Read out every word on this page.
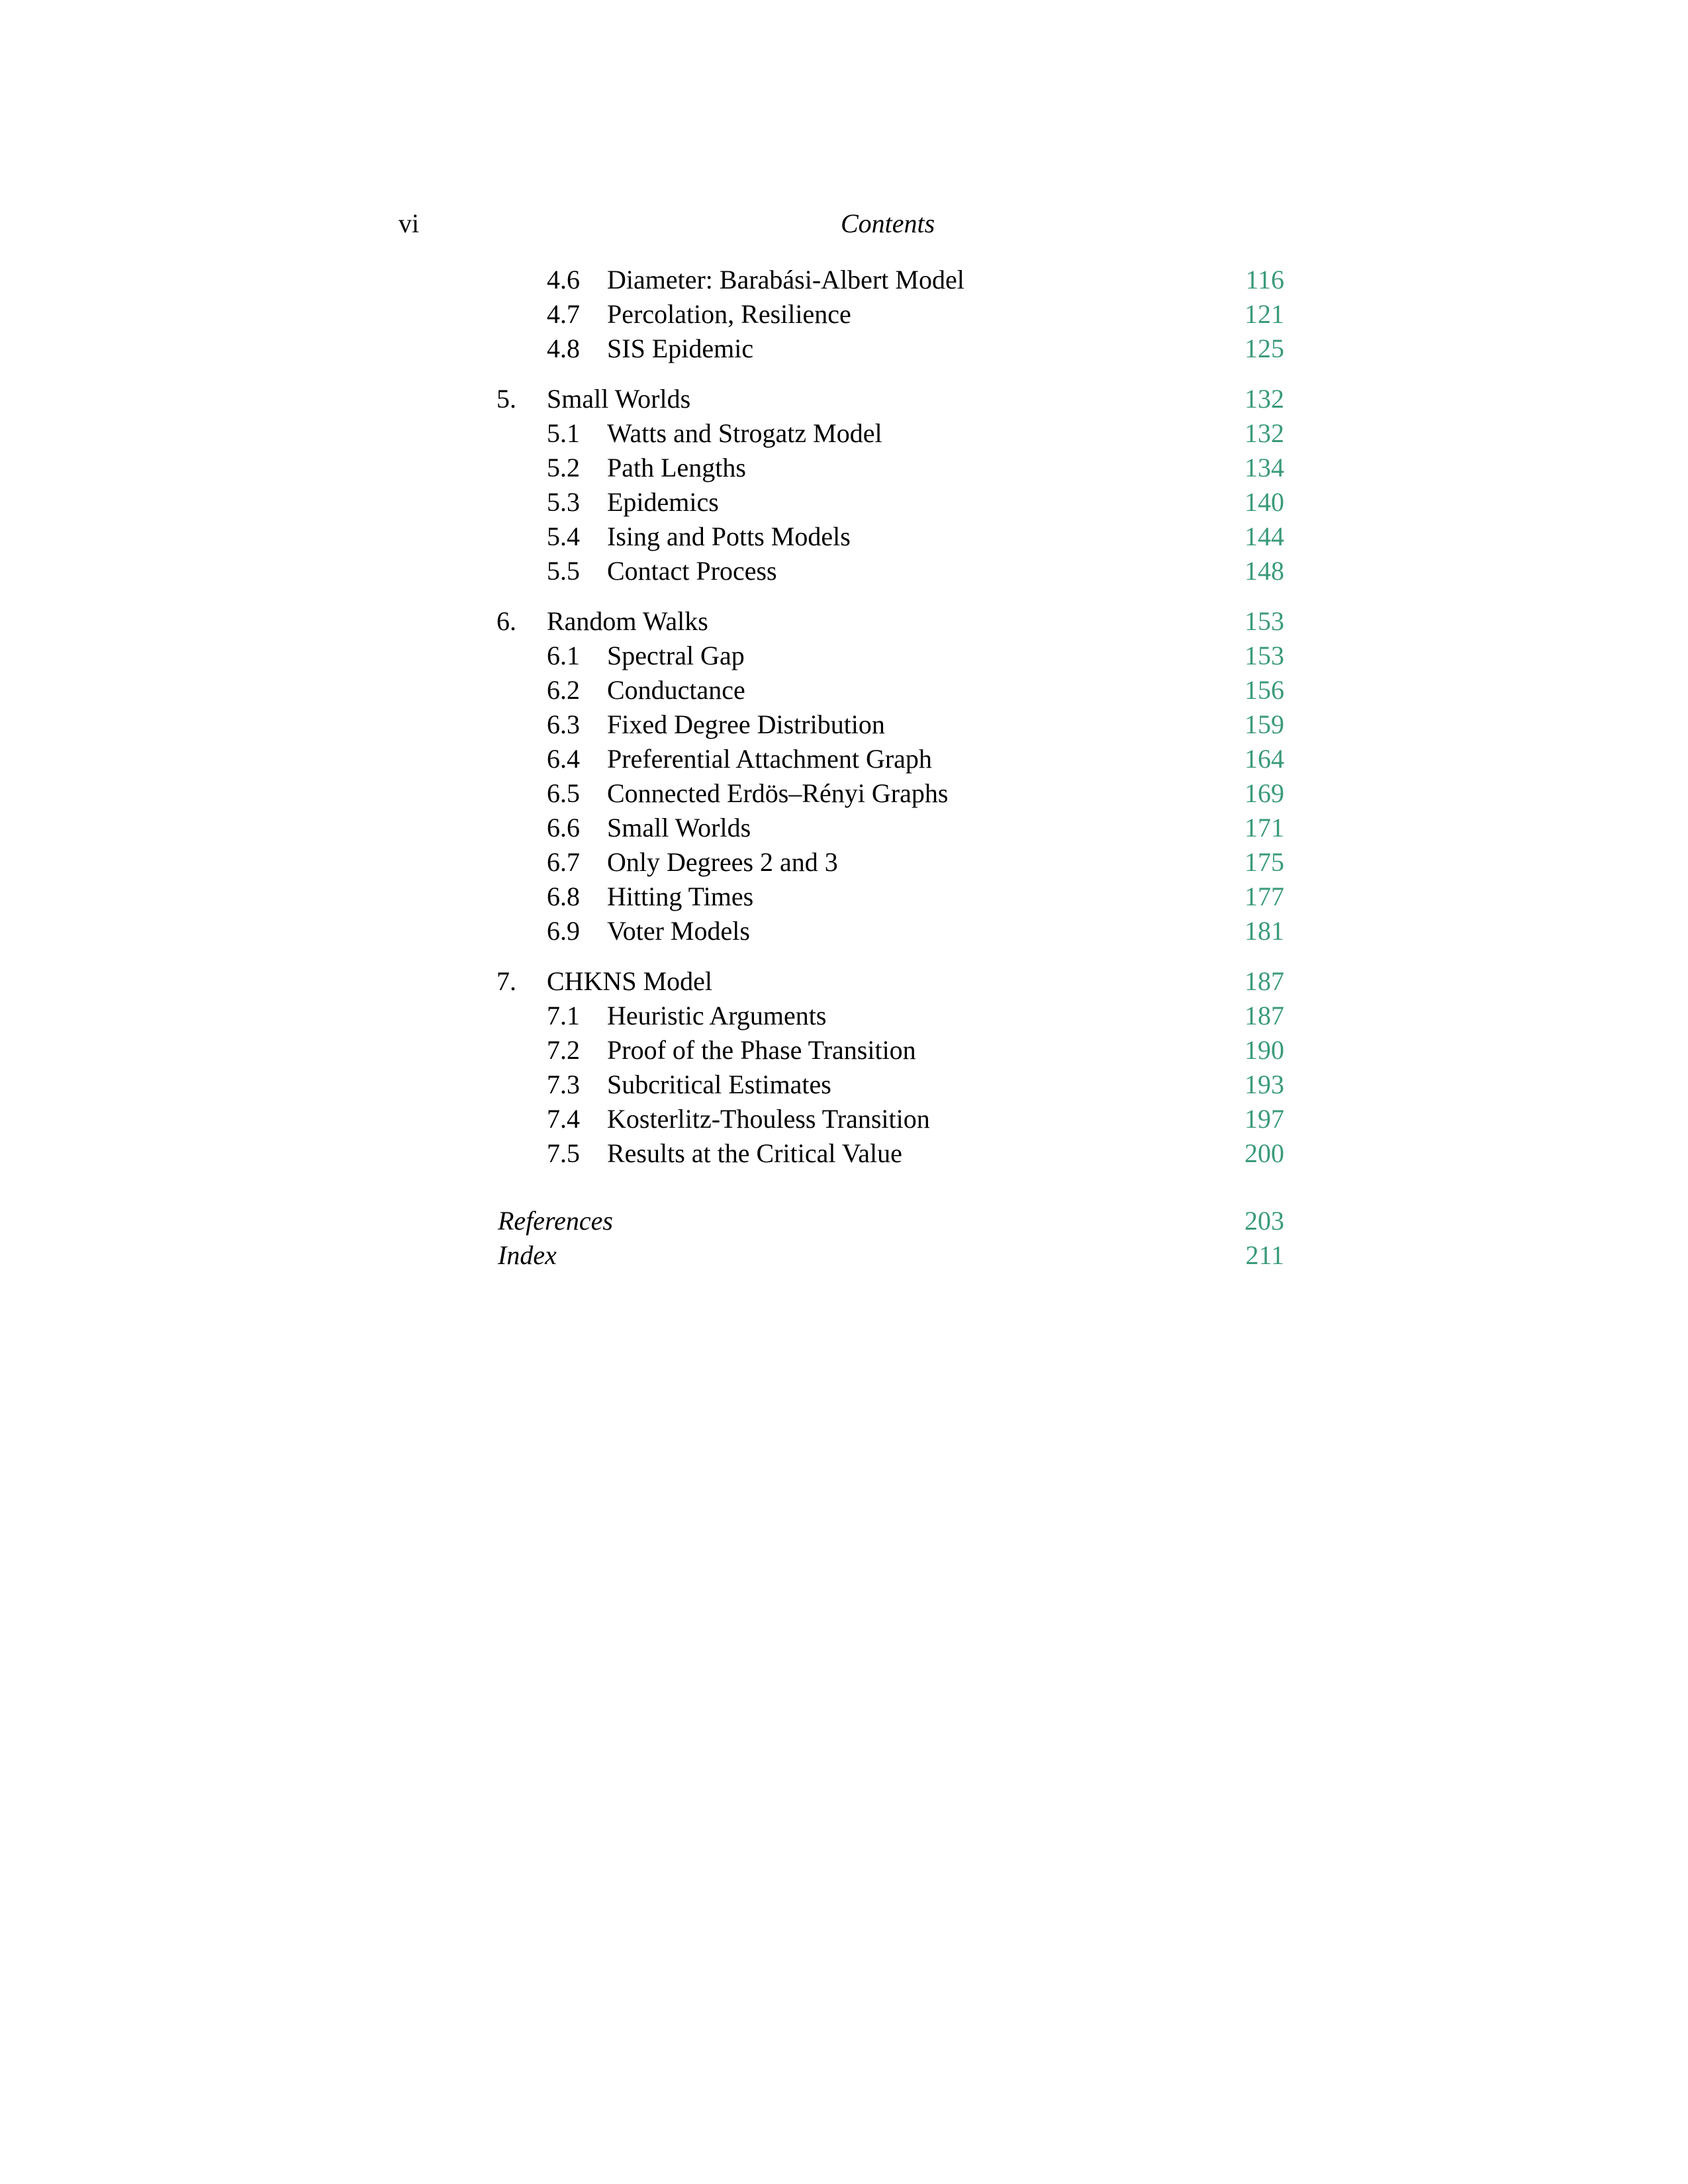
vi	Contents
4.6 Diameter: Barabási-Albert Model	116
4.7 Percolation, Resilience	121
4.8 SIS Epidemic	125
5. Small Worlds	132
5.1 Watts and Strogatz Model	132
5.2 Path Lengths	134
5.3 Epidemics	140
5.4 Ising and Potts Models	144
5.5 Contact Process	148
6. Random Walks	153
6.1 Spectral Gap	153
6.2 Conductance	156
6.3 Fixed Degree Distribution	159
6.4 Preferential Attachment Graph	164
6.5 Connected Erdös–Rényi Graphs	169
6.6 Small Worlds	171
6.7 Only Degrees 2 and 3	175
6.8 Hitting Times	177
6.9 Voter Models	181
7. CHKNS Model	187
7.1 Heuristic Arguments	187
7.2 Proof of the Phase Transition	190
7.3 Subcritical Estimates	193
7.4 Kosterlitz-Thouless Transition	197
7.5 Results at the Critical Value	200
References	203
Index	211
